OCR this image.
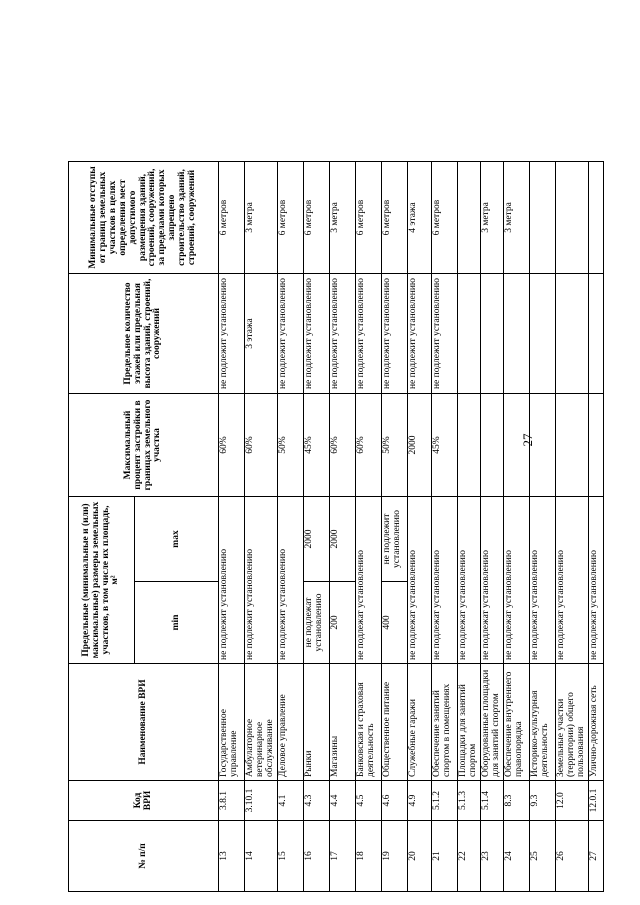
27
№ п/п	Код ВРИ	Наименование ВРИ	Предельные (минимальные и (или) максимальные) размеры земельных участков, в том числе их площадь, м²		Максимальный процент застройки в границах земельного участка	Предельное количество этажей или предельная высота зданий, строений, сооружений	Минимальные отступы от границ земельных участков в целях определения мест допустимого размещения зданий, строений, сооружений, за пределами которых запрещено строительство зданий, строений, сооружений
			min	max			
13	3.8.1	Государственное управление	не подлежит установлению		60%	не подлежит установлению	6 метров
14	3.10.1	Амбулаторное ветеринарное обслуживание	не подлежит установлению		60%	3 этажа	3 метра
15	4.1	Деловое управление	не подлежит установлению		50%	не подлежит установлению	6 метров
16	4.3	Рынки	не подлежат установлению	2000	45%	не подлежит установлению	6 метров
17	4.4	Магазины	200	2000	60%	не подлежит установлению	3 метра
18	4.5	Банковская и страховая деятельность	не подлежат установлению		60%	не подлежит установлению	6 метров
19	4.6	Общественное питание	400	не подлежит установлению	50%	не подлежит установлению	6 метров
20	4.9	Служебные гаражи	не подлежат установлению		2000	не подлежит установлению	4 этажа
21	5.1.2	Обеспечение занятий спортом в помещениях	не подлежат установлению		45%	не подлежит установлению	6 метров
22	5.1.3	Площадки для занятий спортом	не подлежат установлению				
23	5.1.4	Оборудованные площадки для занятий спортом	не подлежат установлению				3 метра
24	8.3	Обеспечение внутреннего правопорядка	не подлежат установлению				3 метра
25	9.3	Историко-культурная деятельность	не подлежат установлению				
26	12.0	Земельные участки (территории) общего пользования	не подлежат установлению				
27	12.0.1	Улично-дорожная сеть	не подлежат установлению				
